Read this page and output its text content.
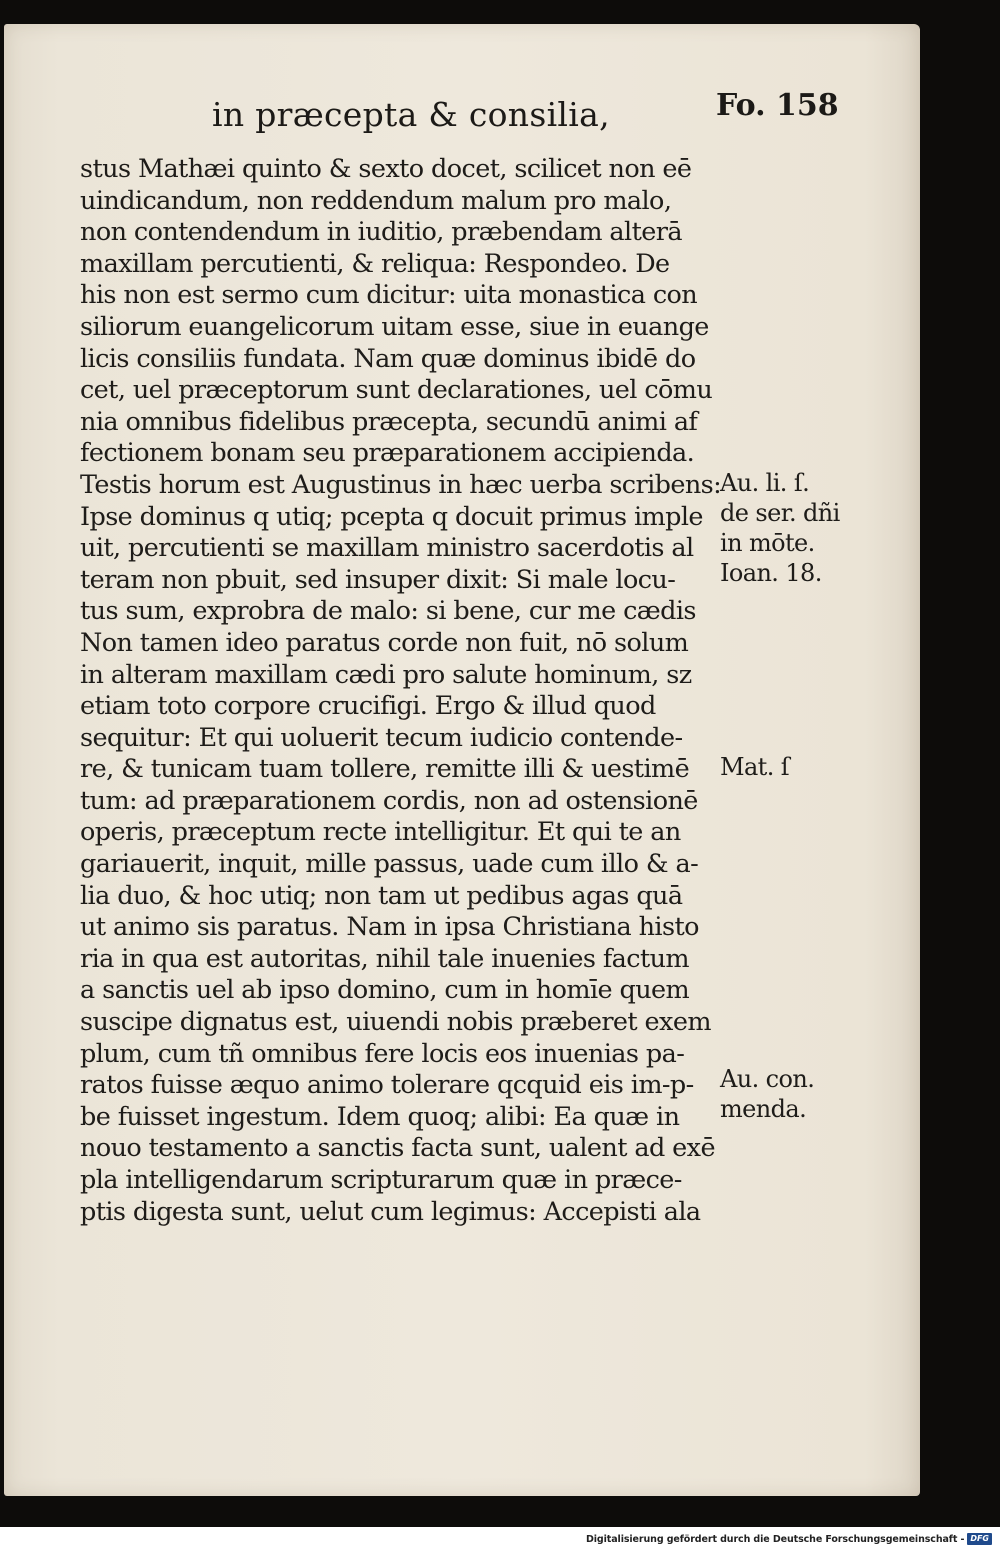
in præcepta & consilia,	Fo. 158
stus Mathæi quinto & sexto docet, scilicet non eē
uindicandum, non reddendum malum pro malo,
non contendendum in iuditio, præbendam alterā
maxillam percutienti, & reliqua: Respondeo. De
his non est sermo cum dicitur: uita monastica con
siliorum euangelicorum uitam esse, siue in euange
licis consiliis fundata. Nam quæ dominus ibidē do
cet, uel præceptorum sunt declarationes, uel cōmu
nia omnibus fidelibus præcepta, secundū animi af
fectionem bonam seu præparationem accipienda.
Testis horum est Augustinus in hæc uerba scribens:
Ipse dominus q utiq; pcepta q docuit primus imple
uit, percutienti se maxillam ministro sacerdotis al
teram non pbuit, sed insuper dixit: Si male locu-
tus sum, exprobra de malo: si bene, cur me cædis
Non tamen ideo paratus corde non fuit, nō solum
in alteram maxillam cædi pro salute hominum, sz
etiam toto corpore crucifigi. Ergo & illud quod
sequitur: Et qui uoluerit tecum iudicio contende-
re, & tunicam tuam tollere, remitte illi & uestimē
tum: ad præparationem cordis, non ad ostensionē
operis, præceptum recte intelligitur. Et qui te an
gariauerit, inquit, mille passus, uade cum illo & a-
lia duo, & hoc utiq; non tam ut pedibus agas quā
ut animo sis paratus. Nam in ipsa Christiana histo
ria in qua est autoritas, nihil tale inuenies factum
a sanctis uel ab ipso domino, cum in homīe quem
suscipe dignatus est, uiuendi nobis præberet exem
plum, cum tñ omnibus fere locis eos inuenias pa-
ratos fuisse æquo animo tolerare qcquid eis im-p-
be fuisset ingestum. Idem quoq; alibi: Ea quæ in
nouo testamento a sanctis facta sunt, ualent ad exē
pla intelligendarum scripturarum quæ in præce-
ptis digesta sunt, uelut cum legimus: Accepisti ala
Au. li. ſ.
de ser. dñi
in mōte.
Ioan. 18.
Mat. ſ
Au. con.
menda.
Digitalisierung gefördert durch die Deutsche Forschungsgemeinschaft - DFG
